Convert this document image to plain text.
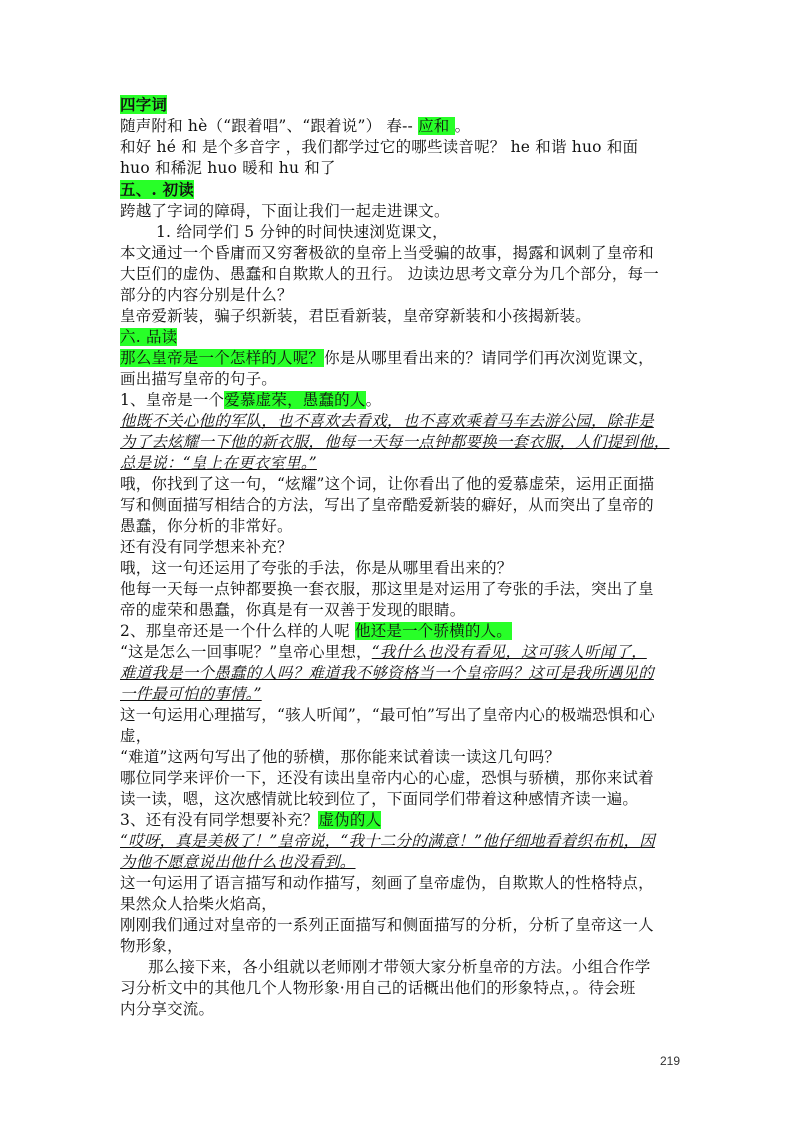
四字词
随声附和 hè（“跟着唱”、“跟着说”） 春-- 应和 。
和好 hé 和 是个多音字 ，我们都学过它的哪些读音呢？ he 和谐 huo 和面
huo 和稀泥 huo 暖和 hu 和了
五、. 初读
跨越了字词的障碍，下面让我们一起走进课文。
1. 给同学们 5 分钟的时间快速浏览课文，
本文通过一个昏庸而又穷奢极欲的皇帝上当受骗的故事，揭露和讽刺了皇帝和
大臣们的虚伪、愚蠢和自欺欺人的丑行。 边读边思考文章分为几个部分，每一
部分的内容分别是什么？
皇帝爱新装，骗子织新装，君臣看新装，皇帝穿新装和小孩揭新装。
六. 品读
那么皇帝是一个怎样的人呢？你是从哪里看出来的？请同学们再次浏览课文，
画出描写皇帝的句子。
1、皇帝是一个爱慕虚荣，愚蠢的人。
他既不关心他的军队，也不喜欢去看戏，也不喜欢乘着马车去游公园，除非是
为了去炫耀一下他的新衣服，他每一天每一点钟都要换一套衣服，人们提到他，
总是说：“皇上在更衣室里。”
哦，你找到了这一句，“炫耀”这个词，让你看出了他的爱慕虚荣，运用正面描
写和侧面描写相结合的方法，写出了皇帝酷爱新装的癖好，从而突出了皇帝的
愚蠢，你分析的非常好。
还有没有同学想来补充？
哦，这一句还运用了夸张的手法，你是从哪里看出来的？
他每一天每一点钟都要换一套衣服，那这里是对运用了夸张的手法，突出了皇
帝的虚荣和愚蠢，你真是有一双善于发现的眼睛。
2、那皇帝还是一个什么样的人呢 他还是一个骄横的人。
“这是怎么一回事呢？”皇帝心里想，“我什么也没有看见，这可骇人听闻了，
难道我是一个愚蠢的人吗？难道我不够资格当一个皇帝吗？这可是我所遇见的
一件最可怕的事情。”
这一句运用心理描写，“骇人听闻”，“最可怕”写出了皇帝内心的极端恐惧和心
虚，
“难道”这两句写出了他的骄横，那你能来试着读一读这几句吗？
哪位同学来评价一下，还没有读出皇帝内心的心虚，恐惧与骄横，那你来试着
读一读，嗯，这次感情就比较到位了，下面同学们带着这种感情齐读一遍。
3、还有没有同学想要补充？虚伪的人
“哎呀，真是美极了！”皇帝说，“我十二分的满意！”他仔细地看着织布机，因
为他不愿意说出他什么也没看到。
这一句运用了语言描写和动作描写，刻画了皇帝虚伪，自欺欺人的性格特点，
果然众人拾柴火焰高，
刚刚我们通过对皇帝的一系列正面描写和侧面描写的分析，分析了皇帝这一人
物形象，
那么接下来，各小组就以老师刚才带领大家分析皇帝的方法。小组合作学
习分析文中的其他几个人物形象·用自己的话概出他们的形象特点，。待会班
内分享交流。
219
